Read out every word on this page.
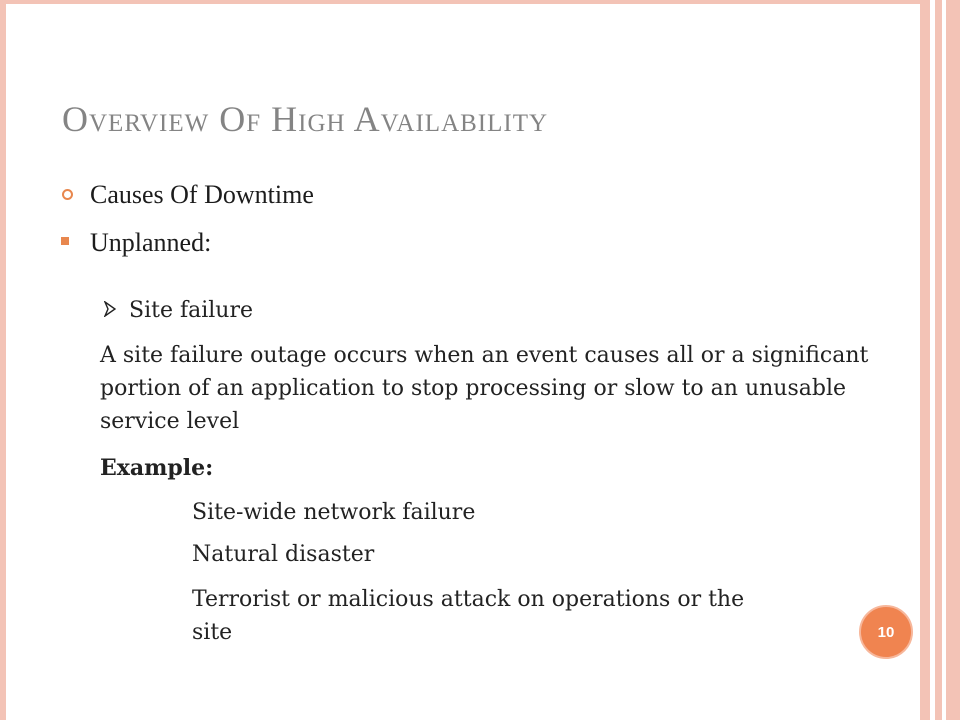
Overview Of High Availability
Causes Of Downtime
Unplanned:
Site failure

A site failure outage occurs when an event causes all or a significant portion of an application to stop processing or slow to an unusable service level

Example:
Site-wide network failure
Natural disaster
Terrorist or malicious attack on operations or the
site	10
